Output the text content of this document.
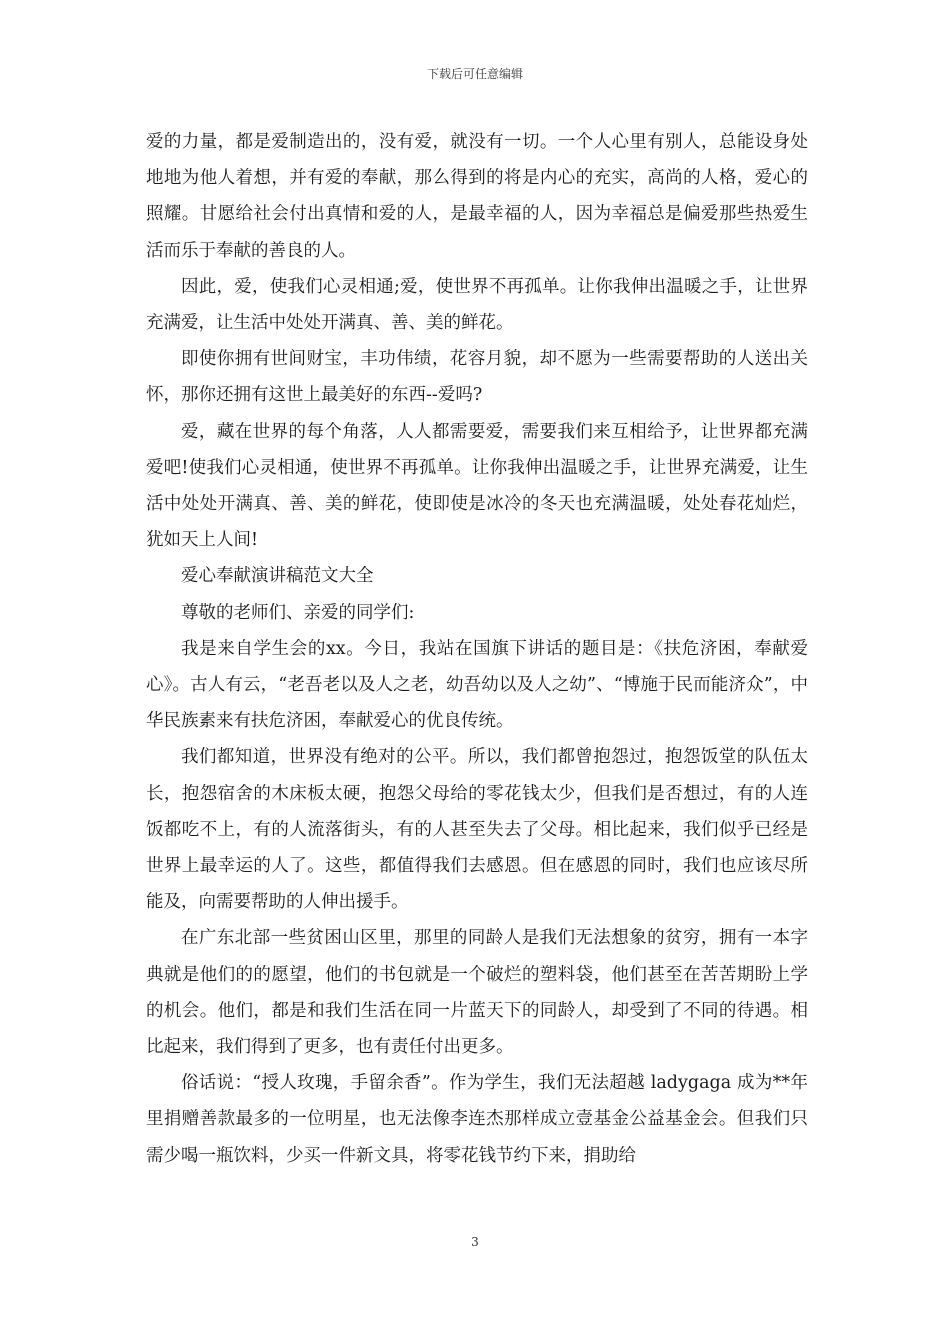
下载后可任意编辑

爱的力量，都是爱制造出的，没有爱，就没有一切。一个人心里有别人，总能设身处地地为他人着想，并有爱的奉献，那么得到的将是内心的充实，高尚的人格，爱心的照耀。甘愿给社会付出真情和爱的人，是最幸福的人，因为幸福总是偏爱那些热爱生活而乐于奉献的善良的人。

因此，爱，使我们心灵相通;爱，使世界不再孤单。让你我伸出温暖之手，让世界充满爱，让生活中处处开满真、善、美的鲜花。

即使你拥有世间财宝，丰功伟绩，花容月貌，却不愿为一些需要帮助的人送出关怀，那你还拥有这世上最美好的东西--爱吗?

爱，藏在世界的每个角落，人人都需要爱，需要我们来互相给予，让世界都充满爱吧!使我们心灵相通，使世界不再孤单。让你我伸出温暖之手，让世界充满爱，让生活中处处开满真、善、美的鲜花，使即使是冰冷的冬天也充满温暖，处处春花灿烂，犹如天上人间!

爱心奉献演讲稿范文大全

尊敬的老师们、亲爱的同学们:

我是来自学生会的xx。今日，我站在国旗下讲话的题目是：《扶危济困，奉献爱心》。古人有云，“老吾老以及人之老，幼吾幼以及人之幼”、“博施于民而能济众”，中华民族素来有扶危济困，奉献爱心的优良传统。

我们都知道，世界没有绝对的公平。所以，我们都曾抱怨过，抱怨饭堂的队伍太长，抱怨宿舍的木床板太硬，抱怨父母给的零花钱太少，但我们是否想过，有的人连饭都吃不上，有的人流落街头，有的人甚至失去了父母。相比起来，我们似乎已经是世界上最幸运的人了。这些，都值得我们去感恩。但在感恩的同时，我们也应该尽所能及，向需要帮助的人伸出援手。

在广东北部一些贫困山区里，那里的同龄人是我们无法想象的贫穷，拥有一本字典就是他们的的愿望，他们的书包就是一个破烂的塑料袋，他们甚至在苦苦期盼上学的机会。他们，都是和我们生活在同一片蓝天下的同龄人，却受到了不同的待遇。相比起来，我们得到了更多，也有责任付出更多。

俗话说：“授人玫瑰，手留余香”。作为学生，我们无法超越 ladygaga 成为**年里捐赠善款最多的一位明星，也无法像李连杰那样成立壹基金公益基金会。但我们只需少喝一瓶饮料，少买一件新文具，将零花钱节约下来，捐助给

3
